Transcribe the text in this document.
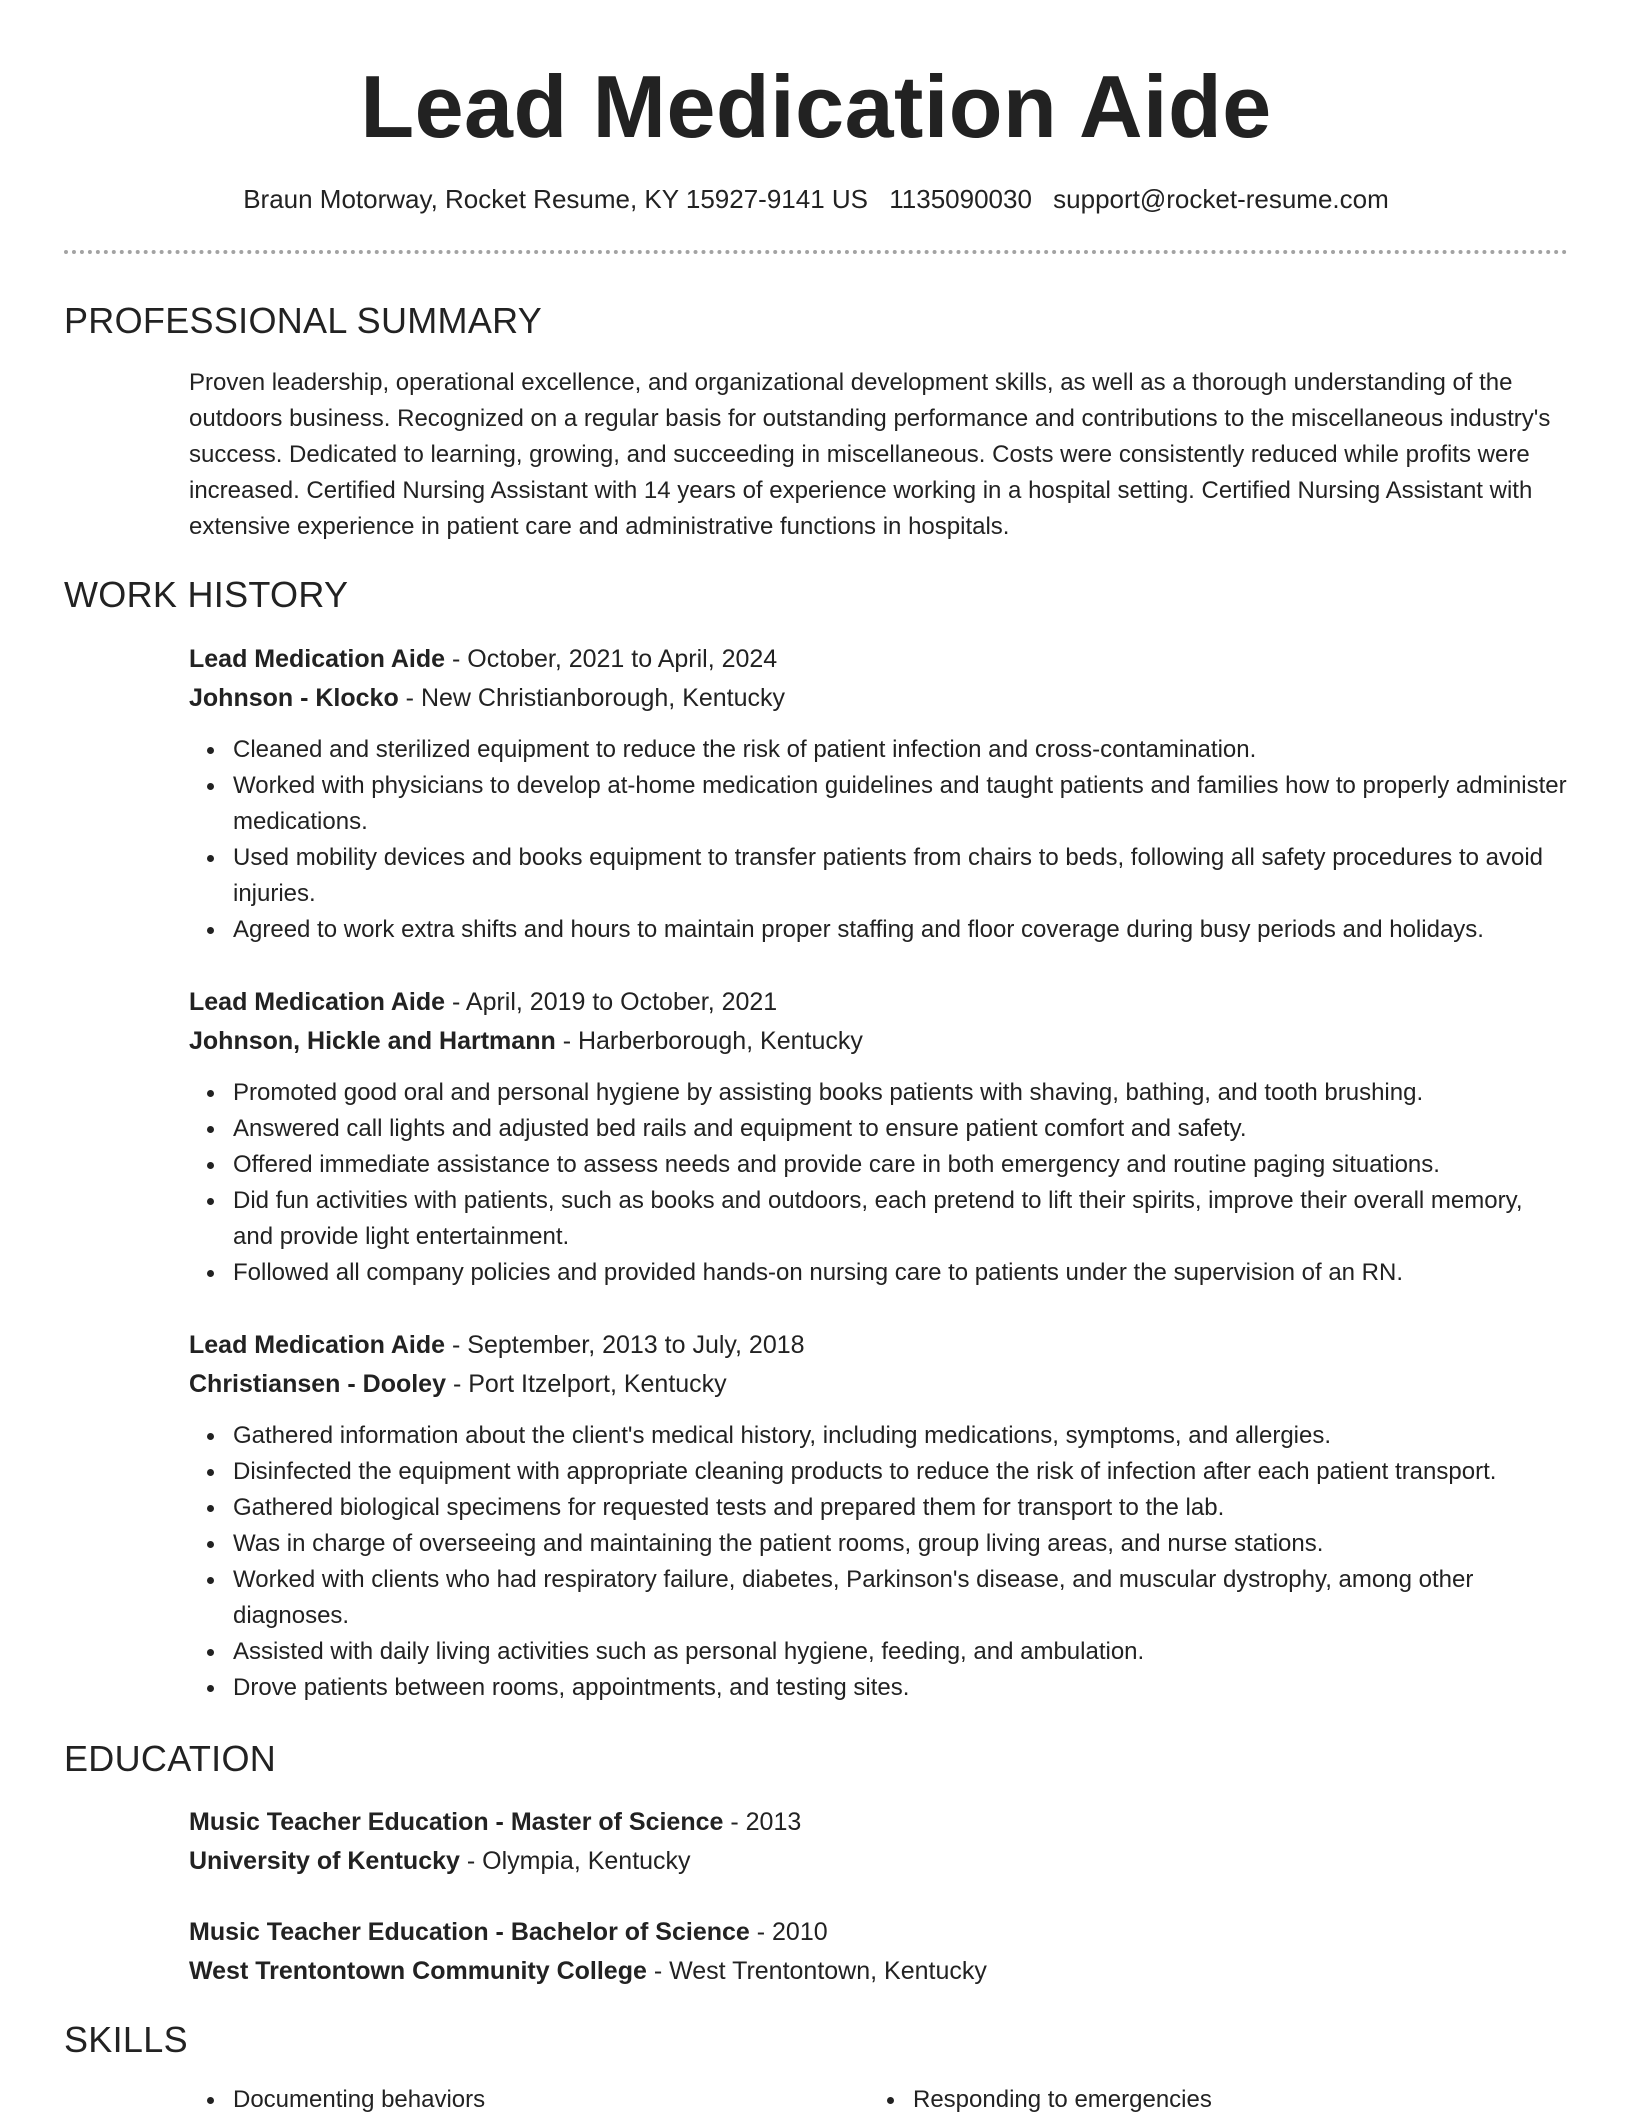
Lead Medication Aide
Braun Motorway, Rocket Resume, KY 15927-9141 US 1135090030 support@rocket-resume.com
PROFESSIONAL SUMMARY

Proven leadership, operational excellence, and organizational development skills, as well as a thorough understanding of the outdoors business. Recognized on a regular basis for outstanding performance and contributions to the miscellaneous industry's success. Dedicated to learning, growing, and succeeding in miscellaneous. Costs were consistently reduced while profits were increased. Certified Nursing Assistant with 14 years of experience working in a hospital setting. Certified Nursing Assistant with extensive experience in patient care and administrative functions in hospitals.

WORK HISTORY
Lead Medication Aide - October, 2021 to April, 2024
Johnson - Klocko - New Christianborough, Kentucky
Cleaned and sterilized equipment to reduce the risk of patient infection and cross-contamination.
Worked with physicians to develop at-home medication guidelines and taught patients and families how to properly administer medications.
Used mobility devices and books equipment to transfer patients from chairs to beds, following all safety procedures to avoid injuries.
Agreed to work extra shifts and hours to maintain proper staffing and floor coverage during busy periods and holidays.
Lead Medication Aide - April, 2019 to October, 2021
Johnson, Hickle and Hartmann - Harberborough, Kentucky
Promoted good oral and personal hygiene by assisting books patients with shaving, bathing, and tooth brushing.
Answered call lights and adjusted bed rails and equipment to ensure patient comfort and safety.
Offered immediate assistance to assess needs and provide care in both emergency and routine paging situations.
Did fun activities with patients, such as books and outdoors, each pretend to lift their spirits, improve their overall memory, and provide light entertainment.
Followed all company policies and provided hands-on nursing care to patients under the supervision of an RN.
Lead Medication Aide - September, 2013 to July, 2018
Christiansen - Dooley - Port Itzelport, Kentucky
Gathered information about the client's medical history, including medications, symptoms, and allergies.
Disinfected the equipment with appropriate cleaning products to reduce the risk of infection after each patient transport.
Gathered biological specimens for requested tests and prepared them for transport to the lab.
Was in charge of overseeing and maintaining the patient rooms, group living areas, and nurse stations.
Worked with clients who had respiratory failure, diabetes, Parkinson's disease, and muscular dystrophy, among other diagnoses.
Assisted with daily living activities such as personal hygiene, feeding, and ambulation.
Drove patients between rooms, appointments, and testing sites.
EDUCATION
Music Teacher Education - Master of Science - 2013
University of Kentucky - Olympia, Kentucky
Music Teacher Education - Bachelor of Science - 2010
West Trentontown Community College - West Trentontown, Kentucky
SKILLS
Documenting behaviors	Responding to emergencies
